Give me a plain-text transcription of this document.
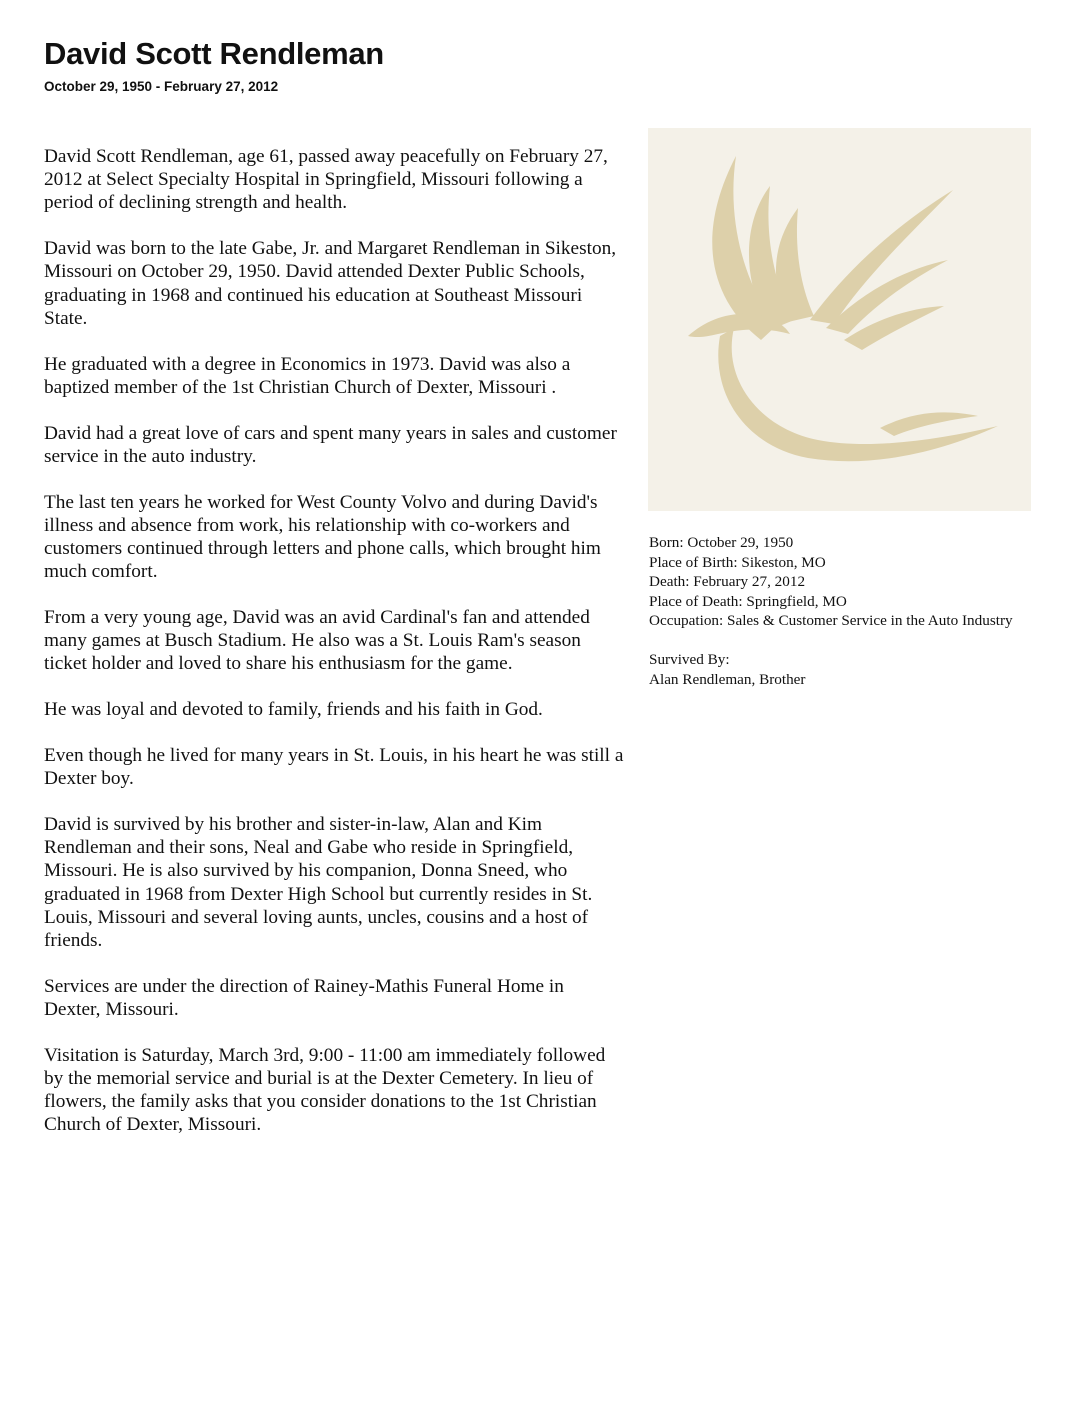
David Scott Rendleman
October 29, 1950 - February 27, 2012

David Scott Rendleman, age 61, passed away peacefully on February 27, 2012 at Select Specialty Hospital in Springfield, Missouri following a period of declining strength and health.

David was born to the late Gabe, Jr. and Margaret Rendleman in Sikeston, Missouri on October 29, 1950. David attended Dexter Public Schools, graduating in 1968 and continued his education at Southeast Missouri State.

He graduated with a degree in Economics in 1973. David was also a baptized member of the 1st Christian Church of Dexter, Missouri .

David had a great love of cars and spent many years in sales and customer service in the auto industry.

The last ten years he worked for West County Volvo and during David's illness and absence from work, his relationship with co-workers and customers continued through letters and phone calls, which brought him much comfort.

From a very young age, David was an avid Cardinal's fan and attended many games at Busch Stadium. He also was a St. Louis Ram's season ticket holder and loved to share his enthusiasm for the game.

He was loyal and devoted to family, friends and his faith in God.

Even though he lived for many years in St. Louis, in his heart he was still a Dexter boy.

David is survived by his brother and sister-in-law, Alan and Kim Rendleman and their sons, Neal and Gabe who reside in Springfield, Missouri. He is also survived by his companion, Donna Sneed, who graduated in 1968 from Dexter High School but currently resides in St. Louis, Missouri and several loving aunts, uncles, cousins and a host of friends.

Services are under the direction of Rainey-Mathis Funeral Home in Dexter, Missouri.

Visitation is Saturday, March 3rd, 9:00 - 11:00 am immediately followed by the memorial service and burial is at the Dexter Cemetery. In lieu of flowers, the family asks that you consider donations to the 1st Christian Church of Dexter, Missouri.

Born: October 29, 1950
Place of Birth: Sikeston, MO
Death: February 27, 2012
Place of Death: Springfield, MO
Occupation: Sales & Customer Service in the Auto Industry
Survived By:
Alan Rendleman, Brother
